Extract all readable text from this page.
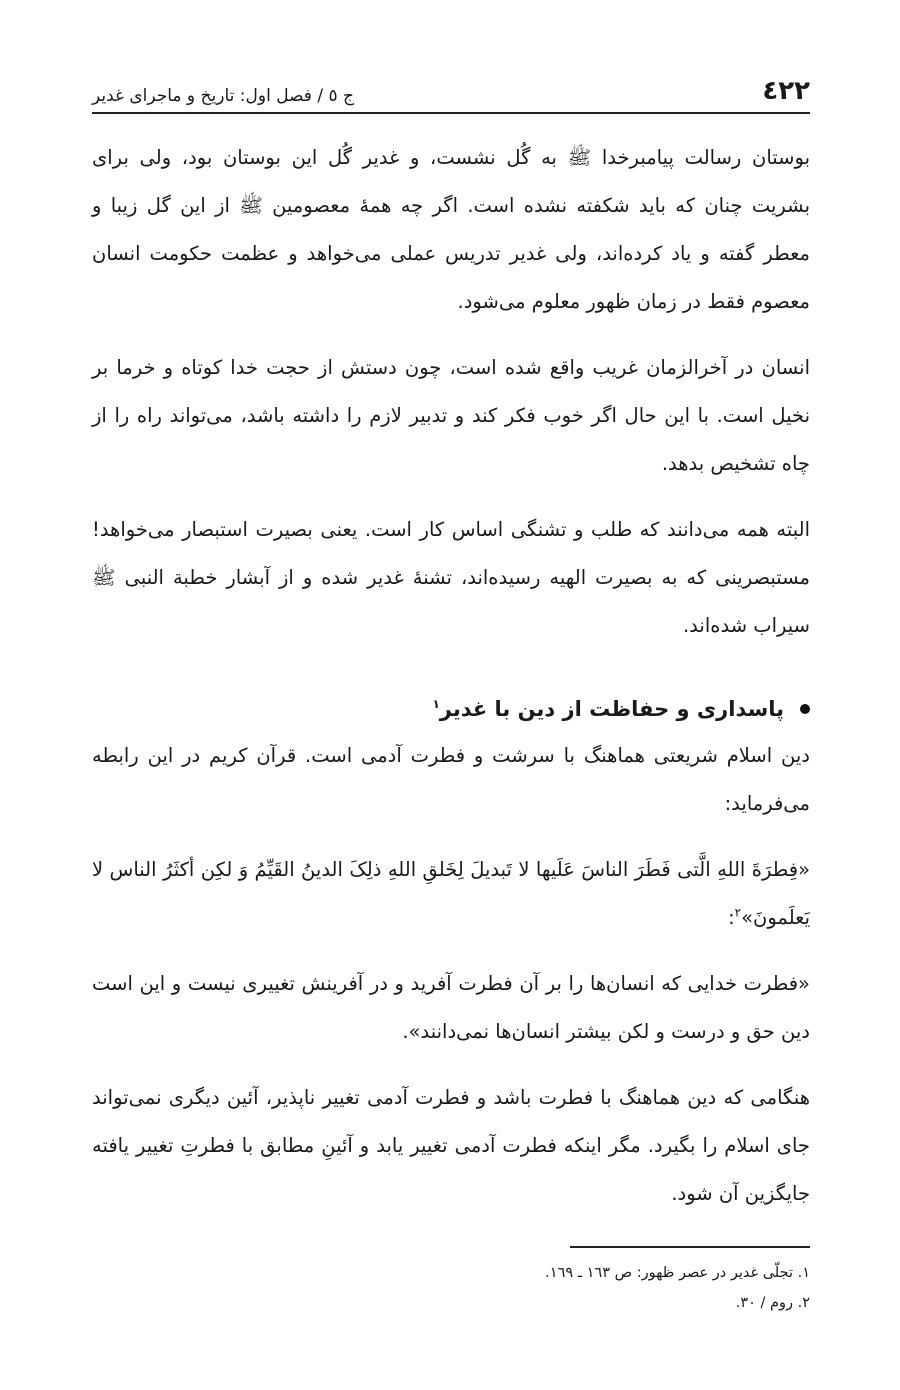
٤٢٢
ج ٥ / فصل اول: تاریخ و ماجرای غدیر

بوستان رسالت پیامبرخدا ﷺ به گُل نشست، و غدیر گُل این بوستان بود، ولی برای بشریت چنان که باید شکفته نشده است. اگر چه همهٔ معصومین ﷺ از این گل زیبا و معطر گفته و یاد کرده‌اند، ولی غدیر تدریس عملی می‌خواهد و عظمت حکومت انسان معصوم فقط در زمان ظهور معلوم می‌شود.

انسان در آخرالزمان غریب واقع شده است، چون دستش از حجت خدا کوتاه و خرما بر نخیل است. با این حال اگر خوب فکر کند و تدبیر لازم را داشته باشد، می‌تواند راه را از چاه تشخیص بدهد.

البته همه می‌دانند که طلب و تشنگی اساس کار است. یعنی بصیرت استبصار می‌خواهد! مستبصرینی که به بصیرت الهیه رسیده‌اند، تشنهٔ غدیر شده و از آبشار خطبة النبی ﷺ سیراب شده‌اند.

پاسداری و حفاظت از دین با غدیر$^١$

دین اسلام شریعتی هماهنگ با سرشت و فطرت آدمی است. قرآن کریم در این رابطه می‌فرماید:

«فِطرَةَ اللهِ الَّتی فَطَرَ الناسَ عَلَیها لا تَبدیلَ لِخَلقِ اللهِ ذلِکَ الدینُ القَیِّمُ وَ لکِن أکثَرُ الناس لا یَعلَمونَ»$^٢$:

«فطرت خدایی که انسان‌ها را بر آن فطرت آفرید و در آفرینش تغییری نیست و این است دین حق و درست و لکن بیشتر انسان‌ها نمی‌دانند».

هنگامی که دین هماهنگ با فطرت باشد و فطرت آدمی تغییر ناپذیر، آئین دیگری نمی‌تواند جای اسلام را بگیرد. مگر اینکه فطرت آدمی تغییر یابد و آئینِ مطابق با فطرتِ تغییر یافته جایگزین آن شود.

١. تجلّی غدیر در عصر ظهور: ص ١٦٣ ـ ١٦٩.
٢. روم / ٣٠.
